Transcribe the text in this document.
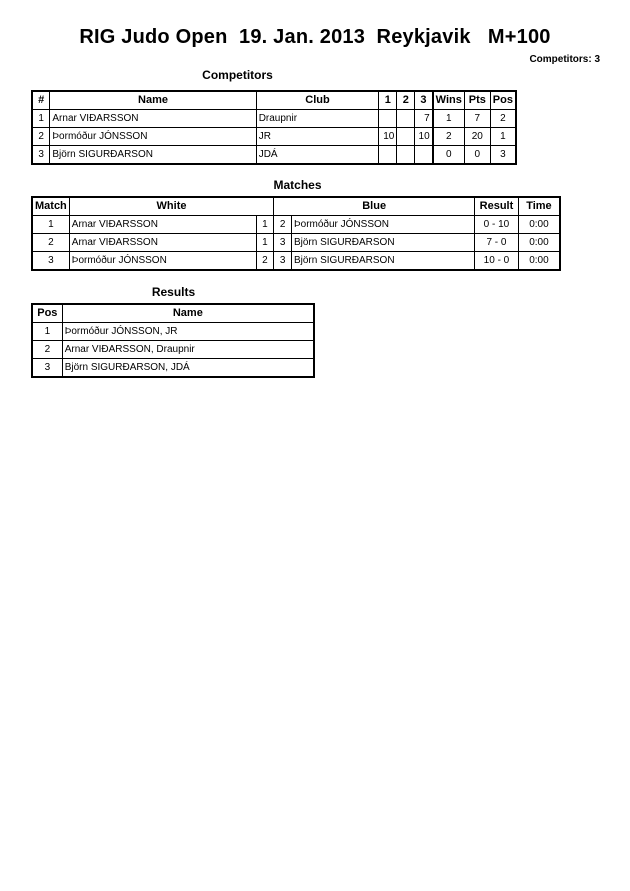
RIG Judo Open  19. Jan. 2013  Reykjavik   M+100
Competitors: 3
Competitors
#	Name	Club	1	2	3	Wins	Pts	Pos
1	Arnar VIÐARSSON	Draupnir			7	1	7	2
2	Þormóður JÓNSSON	JR	10		10	2	20	1
3	Björn SIGURÐARSON	JDÁ				0	0	3
Matches
Match	White		Blue		Result	Time
1	Arnar VIÐARSSON	1	2	Þormóður JÓNSSON	0 - 10	0:00
2	Arnar VIÐARSSON	1	3	Björn SIGURÐARSON	7 - 0	0:00
3	Þormóður JÓNSSON	2	3	Björn SIGURÐARSON	10 - 0	0:00
Results
Pos	Name
1	Þormóður JÓNSSON, JR
2	Arnar VIÐARSSON, Draupnir
3	Björn SIGURÐARSON, JDÁ
